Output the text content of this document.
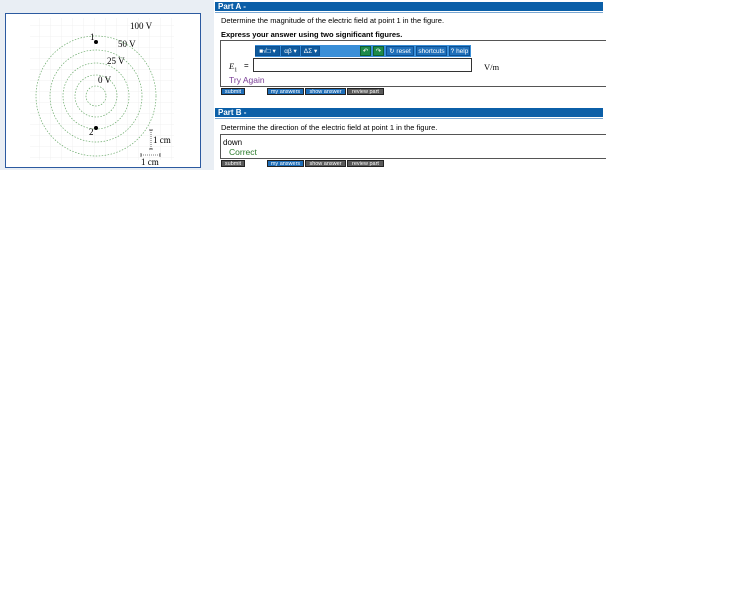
100 V
50 V
25 V
0 V
1
2
1 cm
1 cm
Part A -
Determine the magnitude of the electric field at point 1 in the figure.
Express your answer using two significant figures.
■√□ ▾	αβ ▾	ΔΣ ▾	↶	↷	↻ reset	shortcuts ? help
$E_1$
=	V/m
Try Again
submit	my answers	show answer	review part
Part B -
Determine the direction of the electric field at point 1 in the figure.
down
Correct
submit	my answers	show answer	review part
